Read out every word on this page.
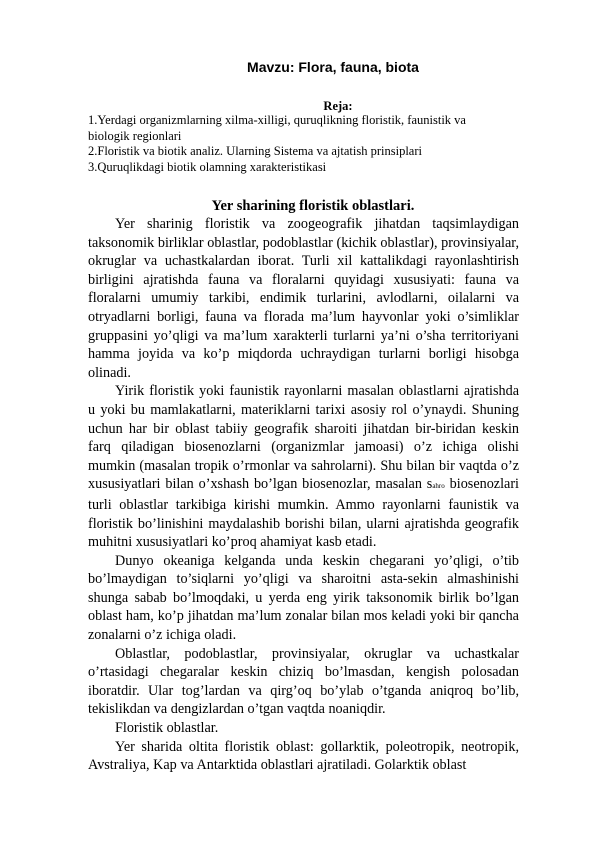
Mavzu: Flora, fauna, biota
Reja:
1.Yerdagi organizmlarning xilma-xilligi, quruqlikning floristik, faunistik va biologik regionlari
2.Floristik va biotik analiz. Ularning Sistema va ajtatish prinsiplari
3.Quruqlikdagi biotik olamning xarakteristikasi
Yer sharining floristik oblastlari.

Yer sharinig floristik va zoogeografik jihatdan taqsimlaydigan taksonomik birliklar oblastlar, podoblastlar (kichik oblastlar), provinsiyalar, okruglar va uchastkalardan iborat. Turli xil kattalikdagi rayonlashtirish birligini ajratishda fauna va floralarni quyidagi xususiyati: fauna va floralarni umumiy tarkibi, endimik turlarini, avlodlarni, oilalarni va otryadlarni borligi, fauna va florada ma’lum hayvonlar yoki o’simliklar gruppasini yo’qligi va ma’lum xarakterli turlarni ya’ni o’sha territoriyani hamma joyida va ko’p miqdorda uchraydigan turlarni borligi hisobga olinadi.

Yirik floristik yoki faunistik rayonlarni masalan oblastlarni ajratishda u yoki bu mamlakatlarni, materiklarni tarixi asosiy rol o’ynaydi. Shuning uchun har bir oblast tabiiy geografik sharoiti jihatdan bir-biridan keskin farq qiladigan biosenozlarni (organizmlar jamoasi) o’z ichiga olishi mumkin (masalan tropik o’rmonlar va sahrolarni). Shu bilan bir vaqtda o’z xususiyatlari bilan o’xshash bo’lgan biosenozlar, masalan sahro biosenozlari turli oblastlar tarkibiga kirishi mumkin. Ammo rayonlarni faunistik va floristik bo’linishini maydalashib borishi bilan, ularni ajratishda geografik muhitni xususiyatlari ko’proq ahamiyat kasb etadi.

Dunyo okeaniga kelganda unda keskin chegarani yo’qligi, o’tib bo’lmaydigan to’siqlarni yo’qligi va sharoitni asta-sekin almashinishi shunga sabab bo’lmoqdaki, u yerda eng yirik taksonomik birlik bo’lgan oblast ham, ko’p jihatdan ma’lum zonalar bilan mos keladi yoki bir qancha zonalarni o’z ichiga oladi.

Oblastlar, podoblastlar, provinsiyalar, okruglar va uchastkalar o’rtasidagi chegaralar keskin chiziq bo’lmasdan, kengish polosadan iboratdir. Ular tog’lardan va qirg’oq bo’ylab o’tganda aniqroq bo’lib, tekislikdan va dengizlardan o’tgan vaqtda noaniqdir.

Floristik oblastlar.

Yer sharida oltita floristik oblast: gollarktik, poleotropik, neotropik, Avstraliya, Kap va Antarktida oblastlari ajratiladi. Golarktik oblast
